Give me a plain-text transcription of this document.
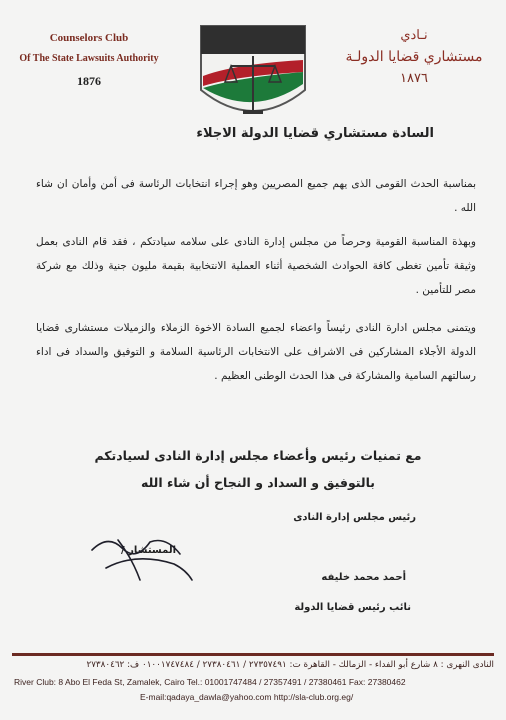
Counselors Club
Of The State Lawsuits Authority
1876
نـادي
مستشاري قضايا الدولـة
١٨٧٦
السادة مستشاري قضايا الدولة الاجلاء
بمناسبة الحدث القومى الذى يهم جميع المصريين وهو إجراء انتخابات الرئاسة فى أمن وأمان ان شاء الله .
وبهذة المناسبة القومية وحرصاً من مجلس إدارة النادى على سلامه سيادتكم ، فقد قام النادى بعمل وثيقة تأمين تغطى كافة الحوادث الشخصية أثناء العملية الانتخابية بقيمة مليون جنية وذلك مع شركة مصر للتأمين .
ويتمنى مجلس ادارة النادى رئيساً واعضاء لجميع السادة الاخوة الزملاء والزميلات مستشارى قضايا الدولة الأجلاء المشاركين فى الاشراف على الانتخابات الرئاسية السلامة و التوفيق والسداد فى اداء رسالتهم السامية والمشاركة فى هذا الحدث الوطنى العظيم .
مع تمنيات رئيس وأعضاء مجلس إدارة النادى لسيادتكم
بالتوفيق و السداد و النجاح أن شاء الله
رئيس مجلس إدارة النادى
المستشار /
أحمد محمد خليفه
نائب رئيس قضايا الدولة
النادى النهرى : ٨ شارع أبو الفداء - الزمالك - القاهرة ت: ٢٧٣٥٧٤٩١ / ٢٧٣٨٠٤٦١ / ٠١٠٠١٧٤٧٤٨٤ ف: ٢٧٣٨٠٤٦٢
River Club: 8 Abo El Feda St, Zamalek, Cairo Tel.: 01001747484 / 27357491 / 27380461 Fax: 27380462
E-mail:qadaya_dawla@yahoo.com http://sla-club.org.eg/
